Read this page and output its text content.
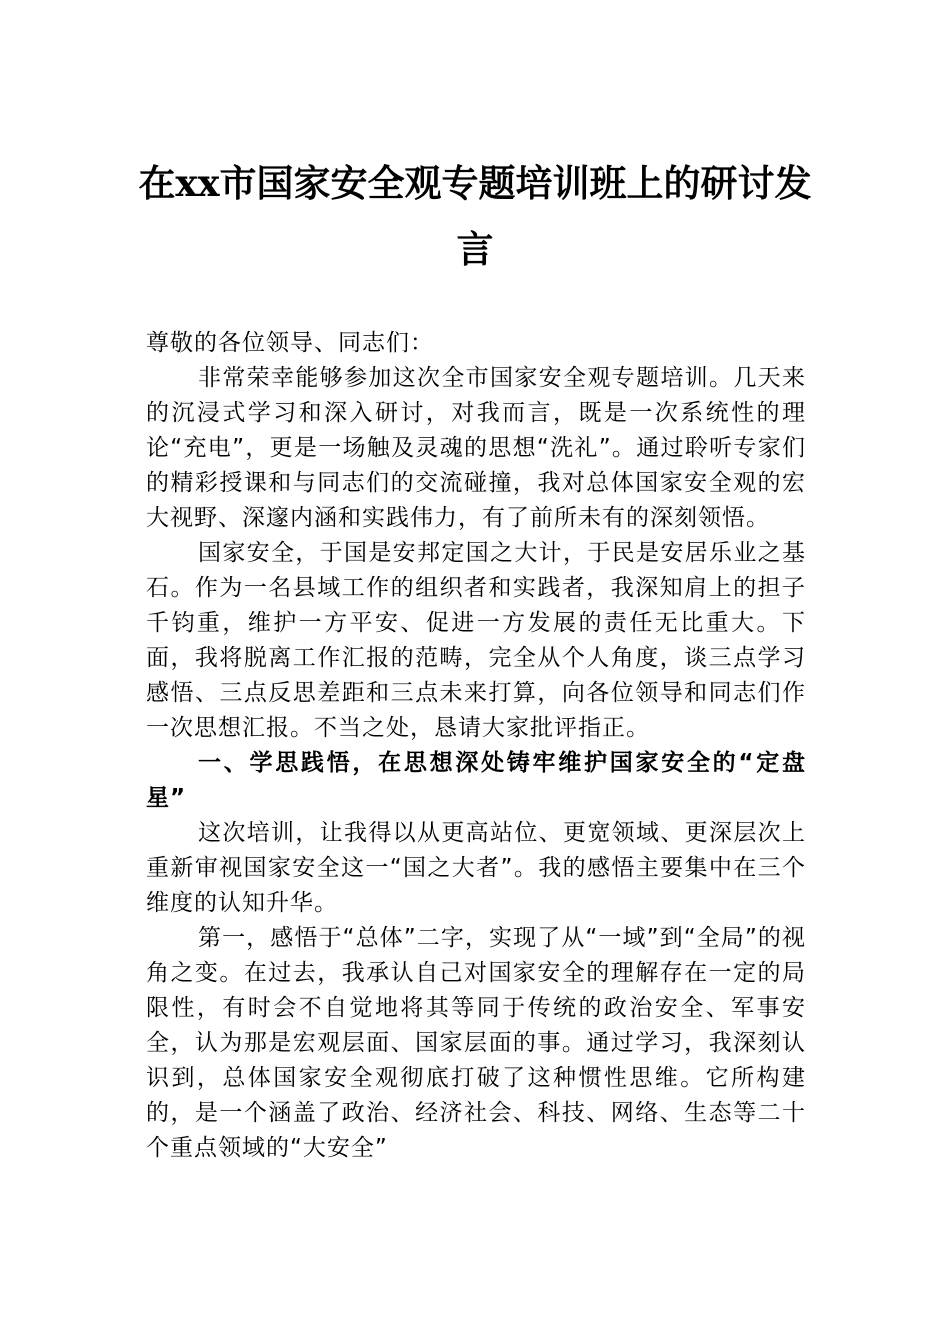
在xx市国家安全观专题培训班上的研讨发言

尊敬的各位领导、同志们：

非常荣幸能够参加这次全市国家安全观专题培训。几天来的沉浸式学习和深入研讨，对我而言，既是一次系统性的理论“充电”，更是一场触及灵魂的思想“洗礼”。通过聆听专家们的精彩授课和与同志们的交流碰撞，我对总体国家安全观的宏大视野、深邃内涵和实践伟力，有了前所未有的深刻领悟。

国家安全，于国是安邦定国之大计，于民是安居乐业之基石。作为一名县域工作的组织者和实践者，我深知肩上的担子千钧重，维护一方平安、促进一方发展的责任无比重大。下面，我将脱离工作汇报的范畴，完全从个人角度，谈三点学习感悟、三点反思差距和三点未来打算，向各位领导和同志们作一次思想汇报。不当之处，恳请大家批评指正。

一、学思践悟，在思想深处铸牢维护国家安全的“定盘星”

这次培训，让我得以从更高站位、更宽领域、更深层次上重新审视国家安全这一“国之大者”。我的感悟主要集中在三个维度的认知升华。

第一，感悟于“总体”二字，实现了从“一域”到“全局”的视角之变。在过去，我承认自己对国家安全的理解存在一定的局限性，有时会不自觉地将其等同于传统的政治安全、军事安全，认为那是宏观层面、国家层面的事。通过学习，我深刻认识到，总体国家安全观彻底打破了这种惯性思维。它所构建的，是一个涵盖了政治、经济社会、科技、网络、生态等二十个重点领域的“大安全”
